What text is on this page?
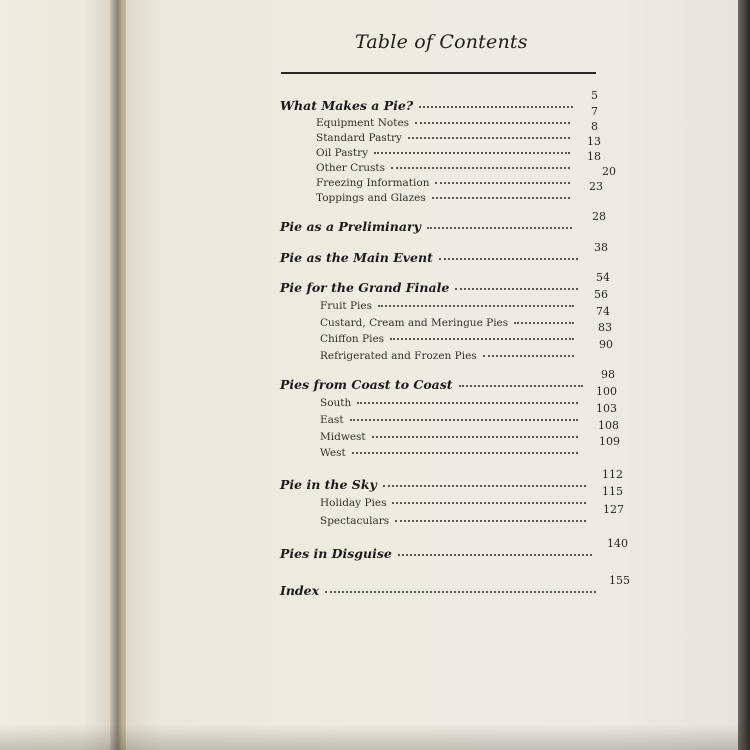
Table of Contents
What Makes a Pie?
5
Equipment Notes
7
Standard Pastry
8
Oil Pastry
13
Other Crusts
18
Freezing Information
20
Toppings and Glazes
23
Pie as a Preliminary
28
Pie as the Main Event
38
Pie for the Grand Finale
54
Fruit Pies
56
Custard, Cream and Meringue Pies
74
Chiffon Pies
83
Refrigerated and Frozen Pies
90
Pies from Coast to Coast
98
South
100
East
103
Midwest
108
West
109
Pie in the Sky
112
Holiday Pies
115
Spectaculars
127
Pies in Disguise
140
Index
155
